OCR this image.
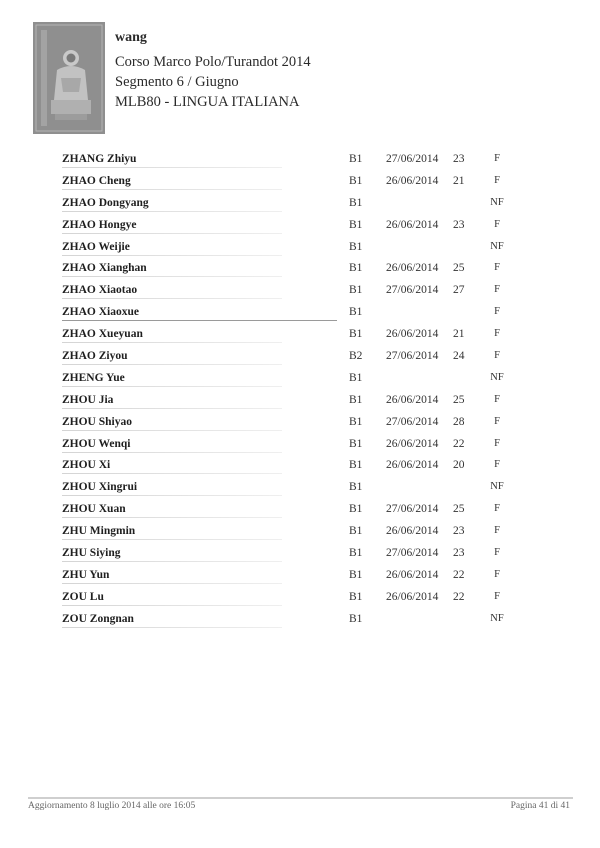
wang
Corso Marco Polo/Turandot 2014
Segmento 6 / Giugno
MLB80 - LINGUA ITALIANA
ZHANG Zhiyu	B1 27/06/2014 23	F
ZHAO Cheng	B1 26/06/2014 21	F
ZHAO Dongyang	B1	NF
ZHAO Hongye	B1 26/06/2014 23	F
ZHAO Weijie	B1	NF
ZHAO Xianghan	B1 26/06/2014 25	F
ZHAO Xiaotao	B1 27/06/2014 27	F
ZHAO Xiaoxue	B1	F
ZHAO Xueyuan	B1 26/06/2014 21	F
ZHAO Ziyou	B2 27/06/2014 24	F
ZHENG Yue	B1	NF
ZHOU Jia	B1 26/06/2014 25	F
ZHOU Shiyao	B1 27/06/2014 28	F
ZHOU Wenqi	B1 26/06/2014 22	F
ZHOU Xi	B1 26/06/2014 20	F
ZHOU Xingrui	B1	NF
ZHOU Xuan	B1 27/06/2014 25	F
ZHU Mingmin	B1 26/06/2014 23	F
ZHU Siying	B1 27/06/2014 23	F
ZHU Yun	B1 26/06/2014 22	F
ZOU Lu	B1 26/06/2014 22	F
ZOU Zongnan	B1	NF
Aggiornamento 8 luglio 2014 alle ore 16:05	Pagina 41 di 41
